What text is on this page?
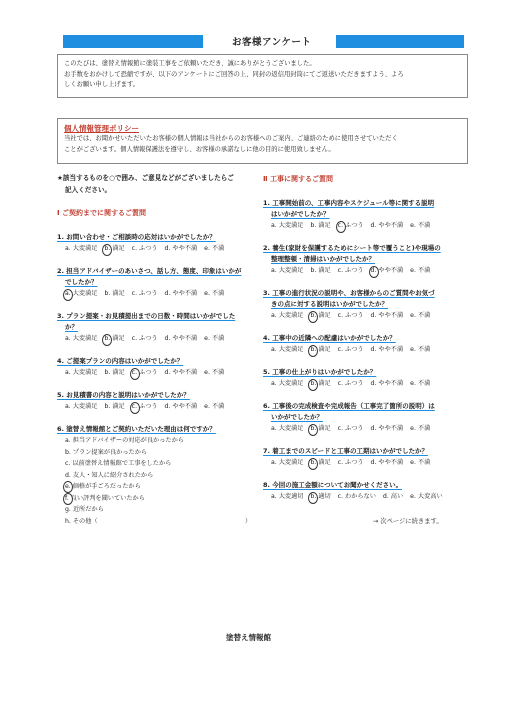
お客様アンケート

このたびは、塗替え情報館に塗装工事をご依頼いただき、誠にありがとうございました。

お手数をおかけして恐縮ですが、以下のアンケートにご回答の上、同封の返信用封筒にてご返送いただきますよう、よろ

しくお願い申し上げます。

個人情報管理ポリシー
当社では、お聞かせいただいたお客様の個人情報は当社からのお客様へのご案内、ご連絡のために使用させていただく
ことがございます。個人情報保護法を遵守し、お客様の承諾なしに他の目的に使用致しません。
★該当するものを○で囲み、ご意見などがございましたらご
記入ください。
Ⅰ ご契約までに関するご質問

1. お問い合わせ・ご相談時の応対はいかがでしたか？

a. 大変満足 b. 満足 c. ふつう d. やや不満 e. 不満

2. 担当アドバイザーのあいさつ、話し方、態度、印象はいかが

でしたか？

a. 大変満足 b. 満足 c. ふつう d. やや不満 e. 不満

3. プラン提案・お見積提出までの日数・時間はいかがでした

か？

a. 大変満足 b. 満足 c. ふつう d. やや不満 e. 不満

4. ご提案プランの内容はいかがでしたか？

a. 大変満足 b. 満足 c. ふつう d. やや不満 e. 不満

5. お見積書の内容と説明はいかがでしたか？

a. 大変満足 b. 満足 c. ふつう d. やや不満 e. 不満

6. 塗替え情報館とご契約いただいた理由は何ですか？

a. 担当アドバイザーの対応が良かったから
b. プラン提案が良かったから
c. 以前塗替え情報館で工事をしたから
d. 友人・知人に紹介されたから
e. 価格が手ごろだったから
f. 良い評判を聞いていたから
g. 近所だから
h. その他（	）
Ⅱ 工事に関するご質問

1. 工事開始前の、工事内容やスケジュール等に関する説明

はいかがでしたか？

a. 大変満足 b. 満足 c. ふつう d. やや不満 e. 不満

2. 養生(家財を保護するためにシート等で覆うこと)や現場の

整理整頓・清掃はいかがでしたか？

a. 大変満足 b. 満足 c. ふつう d. やや不満 e. 不満

3. 工事の進行状況の説明や、お客様からのご質問やお気づ

きの点に対する説明はいかがでしたか？

a. 大変満足 b. 満足 c. ふつう d. やや不満 e. 不満

4. 工事中の近隣への配慮はいかがでしたか？

a. 大変満足 b. 満足 c. ふつう d. やや不満 e. 不満

5. 工事の仕上がりはいかがでしたか？

a. 大変満足 b. 満足 c. ふつう d. やや不満 e. 不満

6. 工事後の完成検査や完成報告（工事完了箇所の説明）は

いかがでしたか？

a. 大変満足 b. 満足 c. ふつう d. やや不満 e. 不満

7. 着工までのスピードと工事の工期はいかがでしたか？

a. 大変満足 b. 満足 c. ふつう d. やや不満 e. 不満

8. 今回の施工金額についてお聞かせください。

a. 大変適切 b. 適切 c. わからない d. 高い e. 大変高い
→ 次ページに続きます。
塗替え情報館
